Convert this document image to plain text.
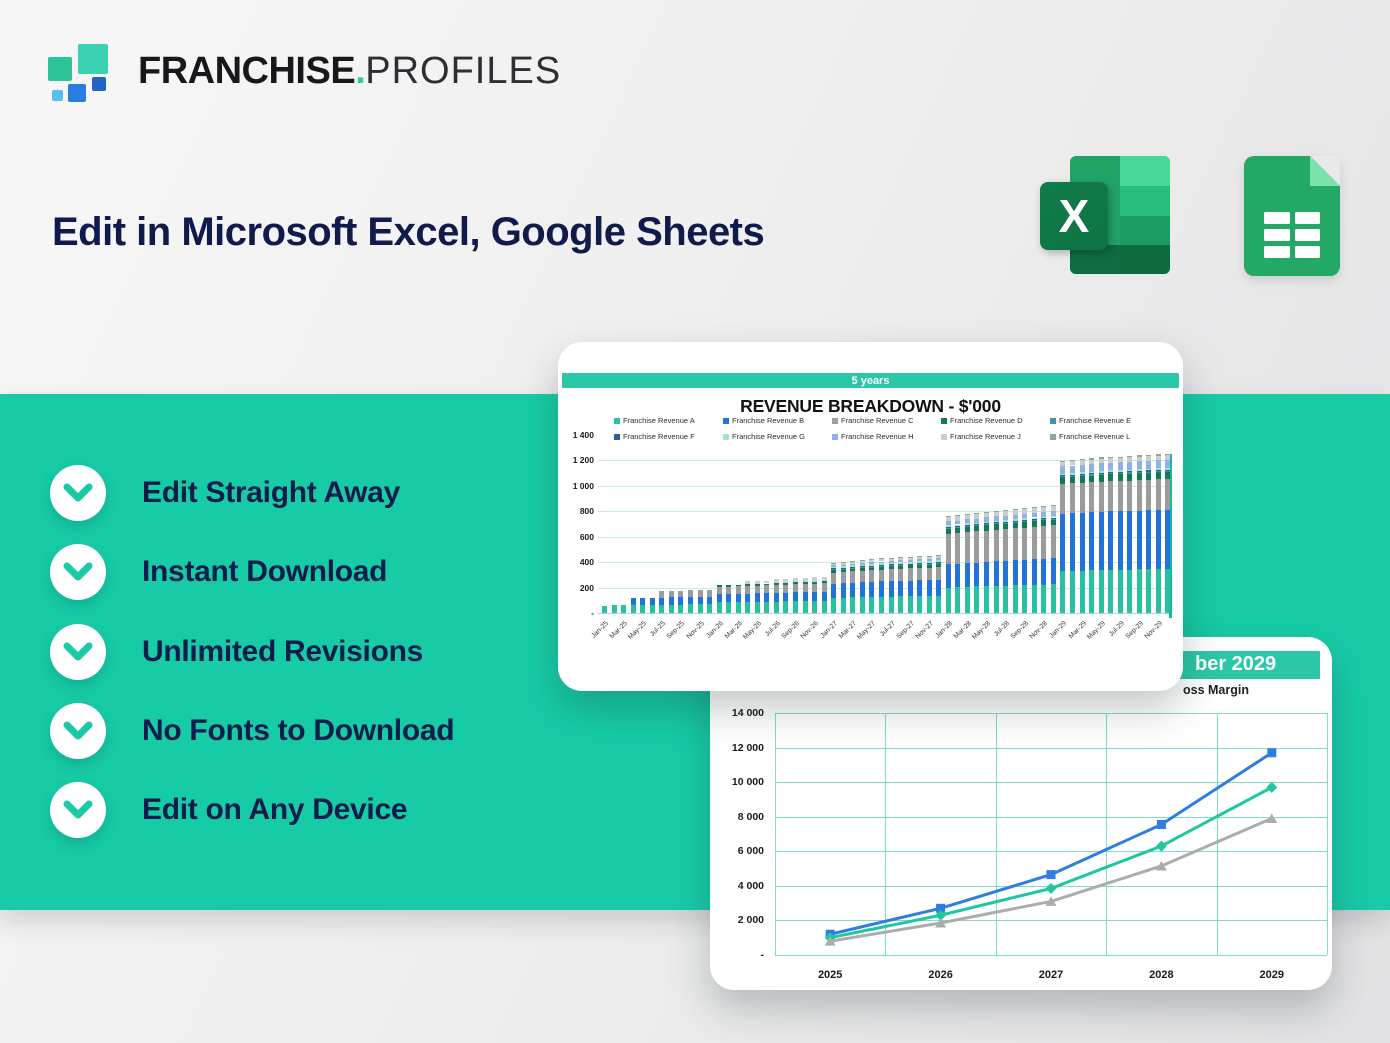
FRANCHISE.PROFILES
Edit in Microsoft Excel, Google Sheets	X
Edit Straight Away
Instant Download
Unlimited Revisions
No Fonts to Download
Edit on Any Device
ber 2029
oss Margin
14 000
12 000
10 000
8 000
6 000
4 000
2 000
-
2025	2026	2027	2028	2029
5 years
REVENUE BREAKDOWN - $'000
Franchise Revenue A	Franchise Revenue B	Franchise Revenue C	Franchise Revenue D	Franchise Revenue E
Franchise Revenue F	Franchise Revenue G	Franchise Revenue H	Franchise Revenue J	Franchise Revenue L
1 400
1 200
1 000
800
600
400
200
-
Jan-25
Mar-25
May-25 Jul-25
Sep-25
Nov-25 Jan-26
Mar-26
May-26 Jul-26
Sep-26
Nov-26 Jan-27
Mar-27
May-27 Jul-27
Sep-27
Nov-27 Jan-28
Mar-28
May-28 Jul-28
Sep-28
Nov-28 Jan-29
Mar-29
May-29 Jul-29
Sep-29
Nov-29
